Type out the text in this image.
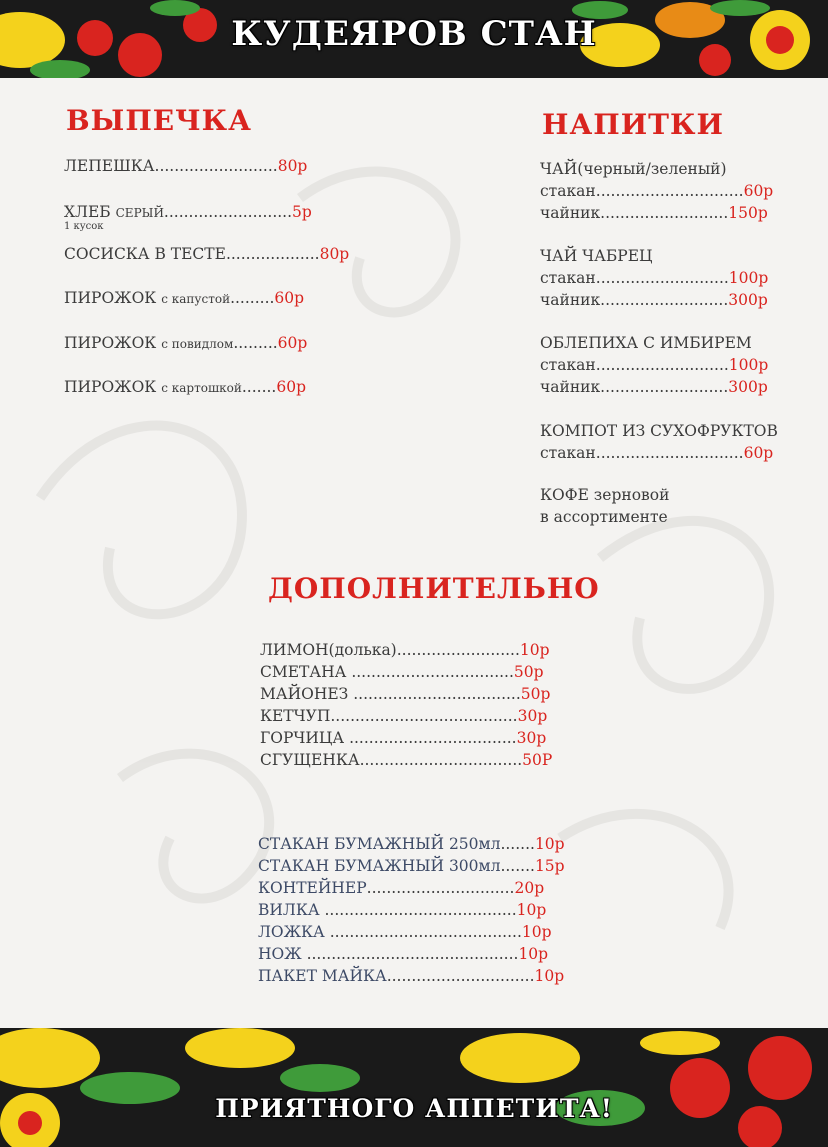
КУДЕЯРОВ СТАН
ВЫПЕЧКА
ЛЕПЕШКА.........................80р
ХЛЕБ СЕРЫЙ..........................5р
1 кусок
СОСИСКА В ТЕСТЕ...................80р
ПИРОЖОК с капустой.........60р
ПИРОЖОК с повидлом.........60р
ПИРОЖОК с картошкой.......60р
НАПИТКИ
ЧАЙ(черный/зеленый)
стакан..............................60р
чайник..........................150р
ЧАЙ ЧАБРЕЦ
стакан...........................100р
чайник..........................300р
ОБЛЕПИХА С ИМБИРЕМ
стакан...........................100р
чайник..........................300р
КОМПОТ ИЗ СУХОФРУКТОВ
стакан..............................60р
КОФЕ зерновой
в ассортименте
ДОПОЛНИТЕЛЬНО
ЛИМОН(долька).........................10р
СМЕТАНА .................................50р
МАЙОНЕЗ ..................................50р
КЕТЧУП......................................30р
ГОРЧИЦА ..................................30р
СГУЩЕНКА.................................50Р
СТАКАН БУМАЖНЫЙ 250мл.......10р
СТАКАН БУМАЖНЫЙ 300мл.......15р
КОНТЕЙНЕР..............................20р
ВИЛКА .......................................10р
ЛОЖКА .......................................10р
НОЖ ...........................................10р
ПАКЕТ МАЙКА..............................10р
ПРИЯТНОГО АППЕТИТА!
